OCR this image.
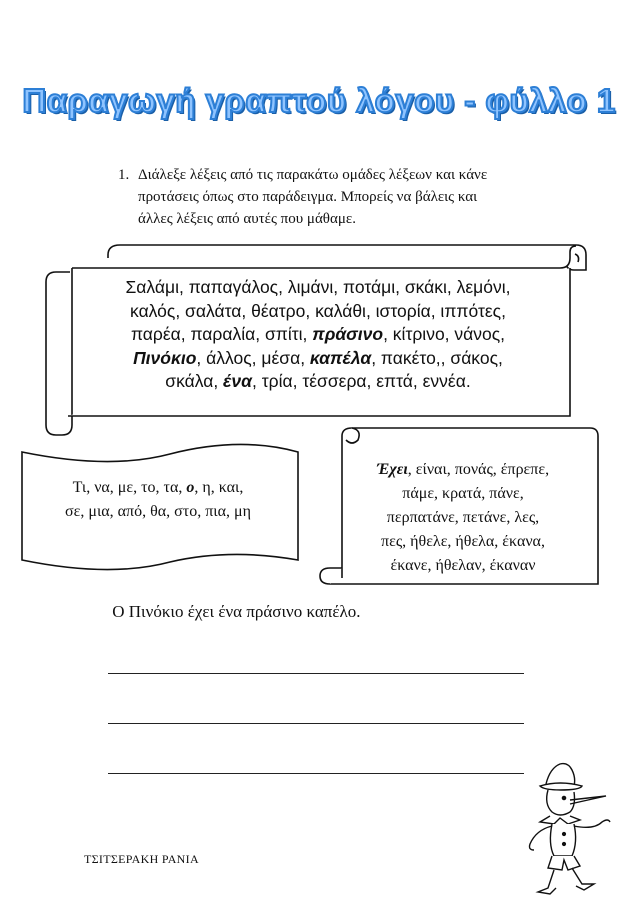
Παραγωγή γραπτού λόγου - φύλλο 1
1. Διάλεξε λέξεις από τις παρακάτω ομάδες λέξεων και κάνε
προτάσεις όπως στο παράδειγμα. Μπορείς να βάλεις και
άλλες λέξεις από αυτές που μάθαμε.
Σαλάμι, παπαγάλος, λιμάνι, ποτάμι, σκάκι, λεμόνι,
καλός, σαλάτα, θέατρο, καλάθι, ιστορία, ιππότες,
παρέα, παραλία, σπίτι, πράσινο, κίτρινο, νάνος,
Πινόκιο, άλλος, μέσα, καπέλα, πακέτο,, σάκος,
σκάλα, ένα, τρία, τέσσερα, επτά, εννέα.
Τι, να, με, το, τα, ο, η, και,
σε, μια, από, θα, στο, πια, μη
Έχει, είναι, πονάς, έπρεπε,
πάμε, κρατά, πάνε,
περπατάνε, πετάνε, λες,
πες, ήθελε, ήθελα, έκανα,
έκανε, ήθελαν, έκαναν
Ο Πινόκιο έχει ένα πράσινο καπέλο.
ΤΣΙΤΣΕΡΑΚΗ ΡΑΝΙΑ
